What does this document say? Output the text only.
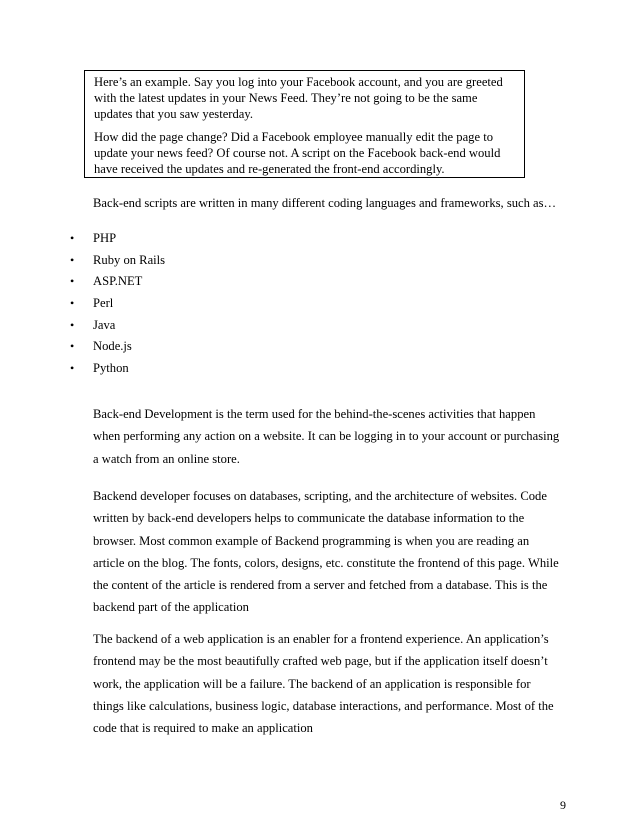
Here’s an example. Say you log into your Facebook account, and you are greeted with the latest updates in your News Feed. They’re not going to be the same updates that you saw yesterday.

How did the page change? Did a Facebook employee manually edit the page to update your news feed? Of course not. A script on the Facebook back-end would have received the updates and re-generated the front-end accordingly.

Back-end scripts are written in many different coding languages and frameworks, such as…
• PHP
• Ruby on Rails
• ASP.NET
• Perl
• Java
• Node.js
• Python

Back-end Development is the term used for the behind-the-scenes activities that happen when performing any action on a website. It can be logging in to your account or purchasing a watch from an online store.

Backend developer focuses on databases, scripting, and the architecture of websites. Code written by back-end developers helps to communicate the database information to the browser. Most common example of Backend programming is when you are reading an article on the blog. The fonts, colors, designs, etc. constitute the frontend of this page. While the content of the article is rendered from a server and fetched from a database. This is the backend part of the application

The backend of a web application is an enabler for a frontend experience. An application’s frontend may be the most beautifully crafted web page, but if the application itself doesn’t work, the application will be a failure. The backend of an application is responsible for things like calculations, business logic, database interactions, and performance. Most of the code that is required to make an application

9
